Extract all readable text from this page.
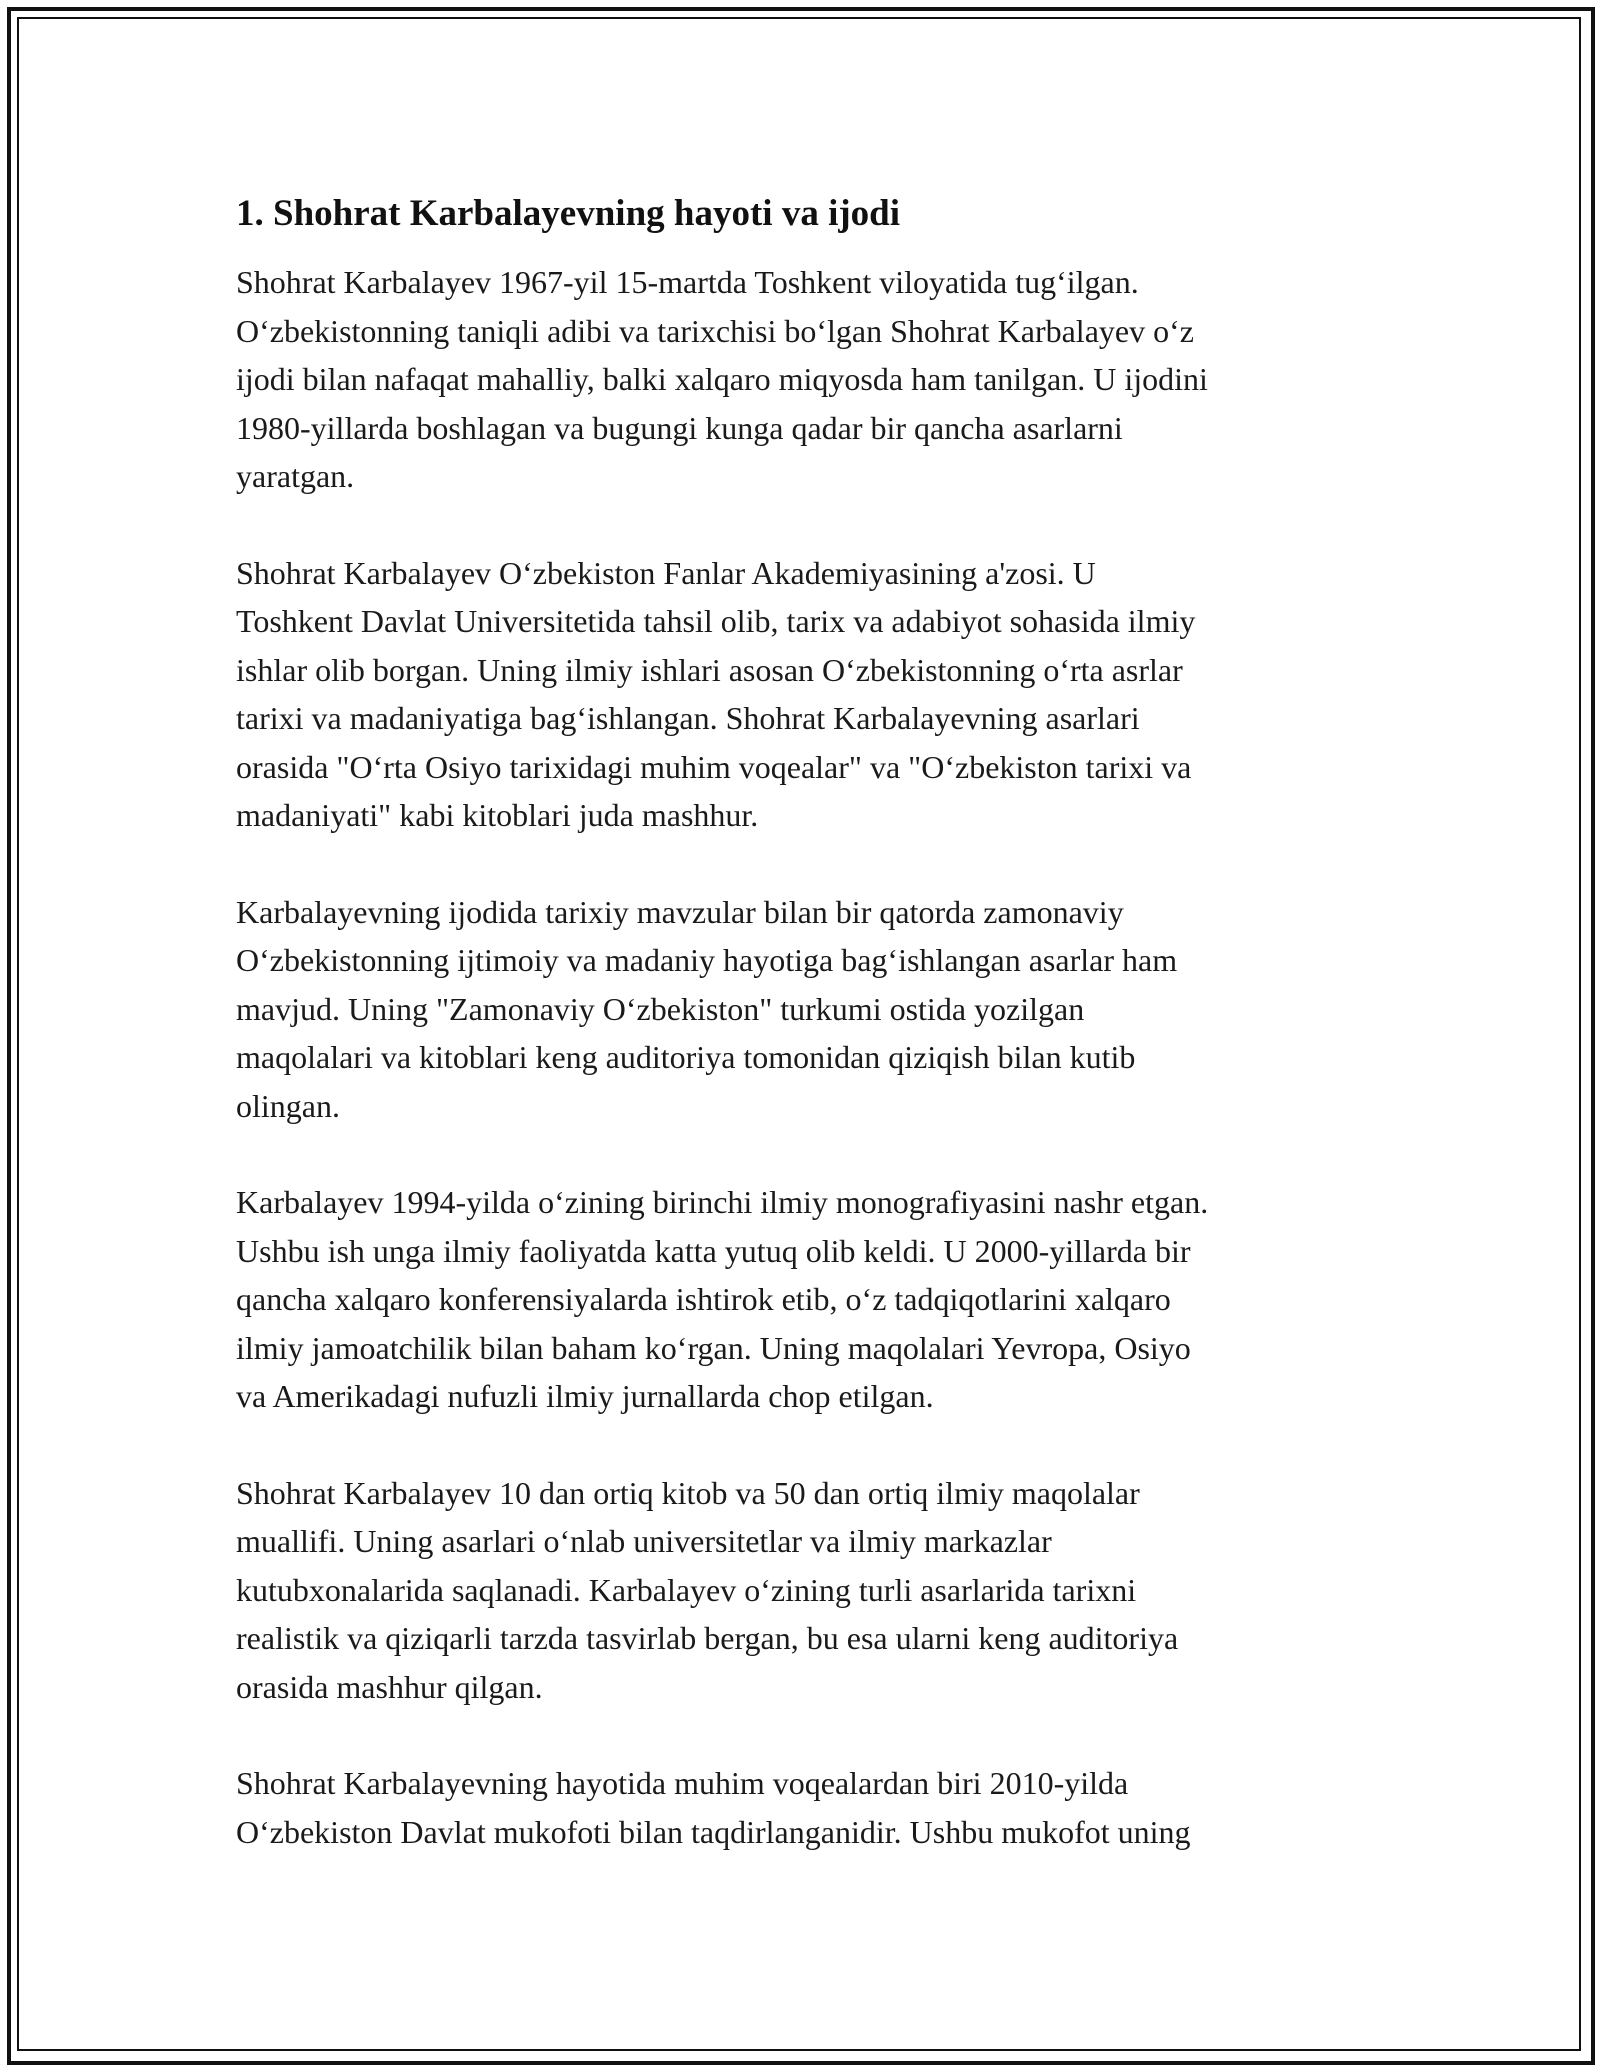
1. Shohrat Karbalayevning hayoti va ijodi

Shohrat Karbalayev 1967-yil 15-martda Toshkent viloyatida tug‘ilgan.
O‘zbekistonning taniqli adibi va tarixchisi bo‘lgan Shohrat Karbalayev o‘z
ijodi bilan nafaqat mahalliy, balki xalqaro miqyosda ham tanilgan. U ijodini
1980-yillarda boshlagan va bugungi kunga qadar bir qancha asarlarni
yaratgan.

Shohrat Karbalayev O‘zbekiston Fanlar Akademiyasining a'zosi. U
Toshkent Davlat Universitetida tahsil olib, tarix va adabiyot sohasida ilmiy
ishlar olib borgan. Uning ilmiy ishlari asosan O‘zbekistonning o‘rta asrlar
tarixi va madaniyatiga bag‘ishlangan. Shohrat Karbalayevning asarlari
orasida "O‘rta Osiyo tarixidagi muhim voqealar" va "O‘zbekiston tarixi va
madaniyati" kabi kitoblari juda mashhur.

Karbalayevning ijodida tarixiy mavzular bilan bir qatorda zamonaviy
O‘zbekistonning ijtimoiy va madaniy hayotiga bag‘ishlangan asarlar ham
mavjud. Uning "Zamonaviy O‘zbekiston" turkumi ostida yozilgan
maqolalari va kitoblari keng auditoriya tomonidan qiziqish bilan kutib
olingan.

Karbalayev 1994-yilda o‘zining birinchi ilmiy monografiyasini nashr etgan.
Ushbu ish unga ilmiy faoliyatda katta yutuq olib keldi. U 2000-yillarda bir
qancha xalqaro konferensiyalarda ishtirok etib, o‘z tadqiqotlarini xalqaro
ilmiy jamoatchilik bilan baham ko‘rgan. Uning maqolalari Yevropa, Osiyo
va Amerikadagi nufuzli ilmiy jurnallarda chop etilgan.

Shohrat Karbalayev 10 dan ortiq kitob va 50 dan ortiq ilmiy maqolalar
muallifi. Uning asarlari o‘nlab universitetlar va ilmiy markazlar
kutubxonalarida saqlanadi. Karbalayev o‘zining turli asarlarida tarixni
realistik va qiziqarli tarzda tasvirlab bergan, bu esa ularni keng auditoriya
orasida mashhur qilgan.

Shohrat Karbalayevning hayotida muhim voqealardan biri 2010-yilda
O‘zbekiston Davlat mukofoti bilan taqdirlanganidir. Ushbu mukofot uning
